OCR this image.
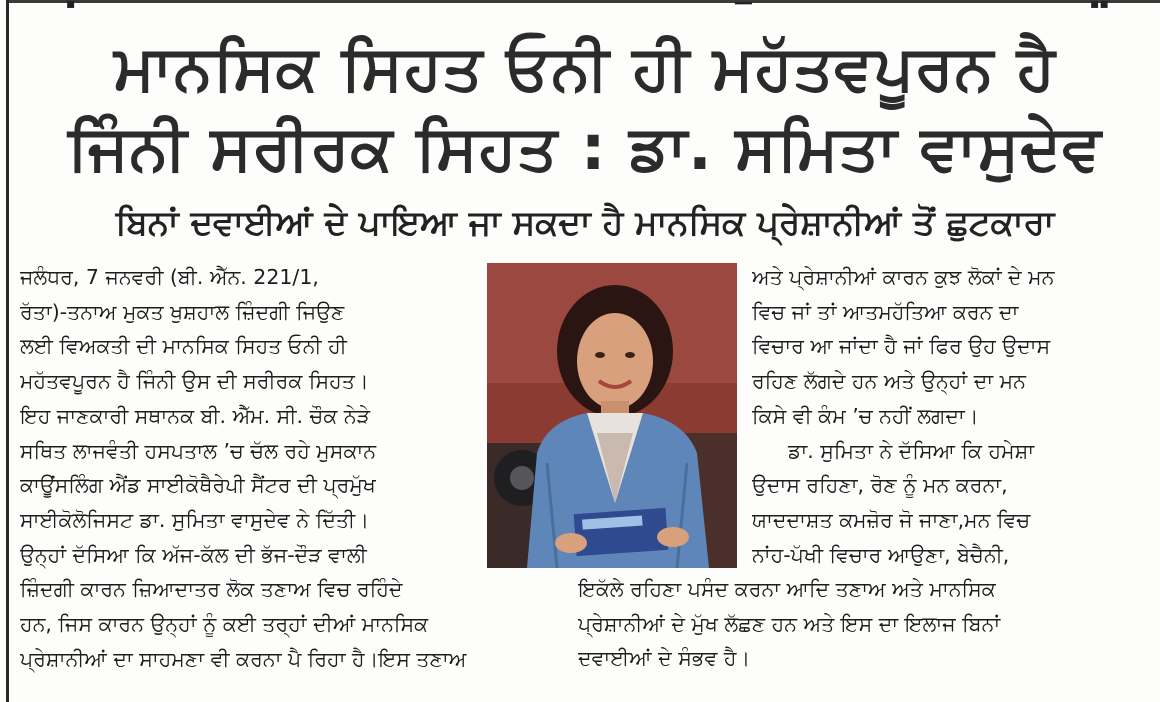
▪	━━	▪▪
ਮਾਨਸਿਕ ਸਿਹਤ ਓਨੀ ਹੀ ਮਹੱਤਵਪੂਰਨ ਹੈ
ਜਿੰਨੀ ਸਰੀਰਕ ਸਿਹਤ : ਡਾ. ਸਮਿਤਾ ਵਾਸੁਦੇਵ
ਬਿਨਾਂ ਦਵਾਈਆਂ ਦੇ ਪਾਇਆ ਜਾ ਸਕਦਾ ਹੈ ਮਾਨਸਿਕ ਪ੍ਰੇਸ਼ਾਨੀਆਂ ਤੋਂ ਛੁਟਕਾਰਾ
ਜਲੰਧਰ, 7 ਜਨਵਰੀ (ਬੀ. ਐੱਨ. 221/1,
ਰੱਤਾ)-ਤਨਾਅ ਮੁਕਤ ਖੁਸ਼ਹਾਲ ਜ਼ਿੰਦਗੀ ਜਿਉਣ
ਲਈ ਵਿਅਕਤੀ ਦੀ ਮਾਨਸਿਕ ਸਿਹਤ ਓਨੀ ਹੀ
ਮਹੱਤਵਪੂਰਨ ਹੈ ਜਿੰਨੀ ਉਸ ਦੀ ਸਰੀਰਕ ਸਿਹਤ।
ਇਹ ਜਾਣਕਾਰੀ ਸਥਾਨਕ ਬੀ. ਐੱਮ. ਸੀ. ਚੌਕ ਨੇੜੇ
ਸਥਿਤ ਲਾਜਵੰਤੀ ਹਸਪਤਾਲ ’ਚ ਚੱਲ ਰਹੇ ਮੁਸਕਾਨ
ਕਾਊਂਸਲਿੰਗ ਐਂਡ ਸਾਈਕੋਥੈਰੇਪੀ ਸੈਂਟਰ ਦੀ ਪ੍ਰਮੁੱਖ
ਸਾਈਕੋਲੋਜਿਸਟ ਡਾ. ਸੁਮਿਤਾ ਵਾਸੁਦੇਵ ਨੇ ਦਿੱਤੀ।
ਉਨ੍ਹਾਂ ਦੱਸਿਆ ਕਿ ਅੱਜ-ਕੱਲ ਦੀ ਭੱਜ-ਦੌੜ ਵਾਲੀ
ਜ਼ਿੰਦਗੀ ਕਾਰਨ ਜ਼ਿਆਦਾਤਰ ਲੋਕ ਤਣਾਅ ਵਿਚ ਰਹਿੰਦੇ
ਹਨ, ਜਿਸ ਕਾਰਨ ਉਨ੍ਹਾਂ ਨੂੰ ਕਈ ਤਰ੍ਹਾਂ ਦੀਆਂ ਮਾਨਸਿਕ
ਪ੍ਰੇਸ਼ਾਨੀਆਂ ਦਾ ਸਾਹਮਣਾ ਵੀ ਕਰਨਾ ਪੈ ਰਿਹਾ ਹੈ।ਇਸ ਤਣਾਅ
ਅਤੇ ਪ੍ਰੇਸ਼ਾਨੀਆਂ ਕਾਰਨ ਕੁਝ ਲੋਕਾਂ ਦੇ ਮਨ
ਵਿਚ ਜਾਂ ਤਾਂ ਆਤਮਹੱਤਿਆ ਕਰਨ ਦਾ
ਵਿਚਾਰ ਆ ਜਾਂਦਾ ਹੈ ਜਾਂ ਫਿਰ ਉਹ ਉਦਾਸ
ਰਹਿਣ ਲੱਗਦੇ ਹਨ ਅਤੇ ਉਨ੍ਹਾਂ ਦਾ ਮਨ
ਕਿਸੇ ਵੀ ਕੰਮ ’ਚ ਨਹੀਂ ਲਗਦਾ।
ਡਾ. ਸੁਮਿਤਾ ਨੇ ਦੱਸਿਆ ਕਿ ਹਮੇਸ਼ਾ
ਉਦਾਸ ਰਹਿਣਾ, ਰੋਣ ਨੂੰ ਮਨ ਕਰਨਾ,
ਯਾਦਦਾਸ਼ਤ ਕਮਜ਼ੋਰ ਜੋ ਜਾਣਾ,ਮਨ ਵਿਚ
ਨਾਂਹ-ਪੱਖੀ ਵਿਚਾਰ ਆਉਣਾ, ਬੇਚੈਨੀ,
ਇਕੱਲੇ ਰਹਿਣਾ ਪਸੰਦ ਕਰਨਾ ਆਦਿ ਤਣਾਅ ਅਤੇ ਮਾਨਸਿਕ
ਪ੍ਰੇਸ਼ਾਨੀਆਂ ਦੇ ਮੁੱਖ ਲੱਛਣ ਹਨ ਅਤੇ ਇਸ ਦਾ ਇਲਾਜ ਬਿਨਾਂ
ਦਵਾਈਆਂ ਦੇ ਸੰਭਵ ਹੈ।
